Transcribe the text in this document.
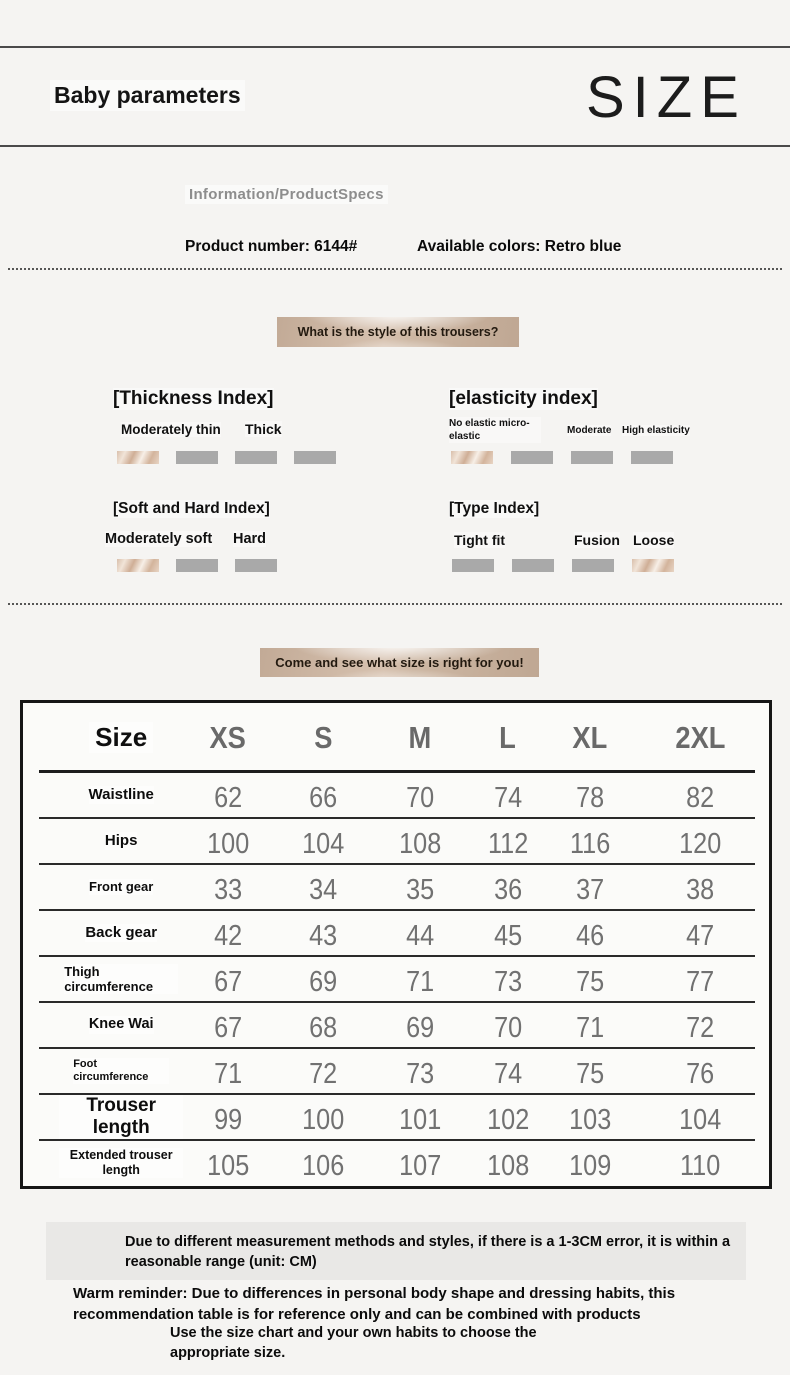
Baby parameters	SIZE
Information/ProductSpecs
Product number: 6144#	Available colors: Retro blue
What is the style of this trousers?
[Thickness Index]	[elasticity index]
Moderately thin Thick	No elastic micro-elastic
Moderate High elasticity
[Soft and Hard Index]	[Type Index]
Moderately soft Hard	Tight fit	Fusion Loose
Come and see what size is right for you!
Size XS S M L XL 2XL
Waistline 62 66 70 74 78	82
Hips 100 104 108 112 116 120
Front gear 33 34 35 36 37	38
Back gear 42 43 44 45 46	47
Thigh circumference	67 69 71 73 75	77
Knee Wai 67 68 69 70 71	72
Foot circumference	71 72 73 74 75	76
Trouser length	99 100 101 102 103 104
Extended trouser length	105 106 107 108 109 110
Due to different measurement methods and styles, if there is a 1-3CM error, it is within a reasonable range (unit: CM)
Warm reminder: Due to differences in personal body shape and dressing habits, this recommendation table is for reference only and can be combined with products
Use the size chart and your own habits to choose the appropriate size.
